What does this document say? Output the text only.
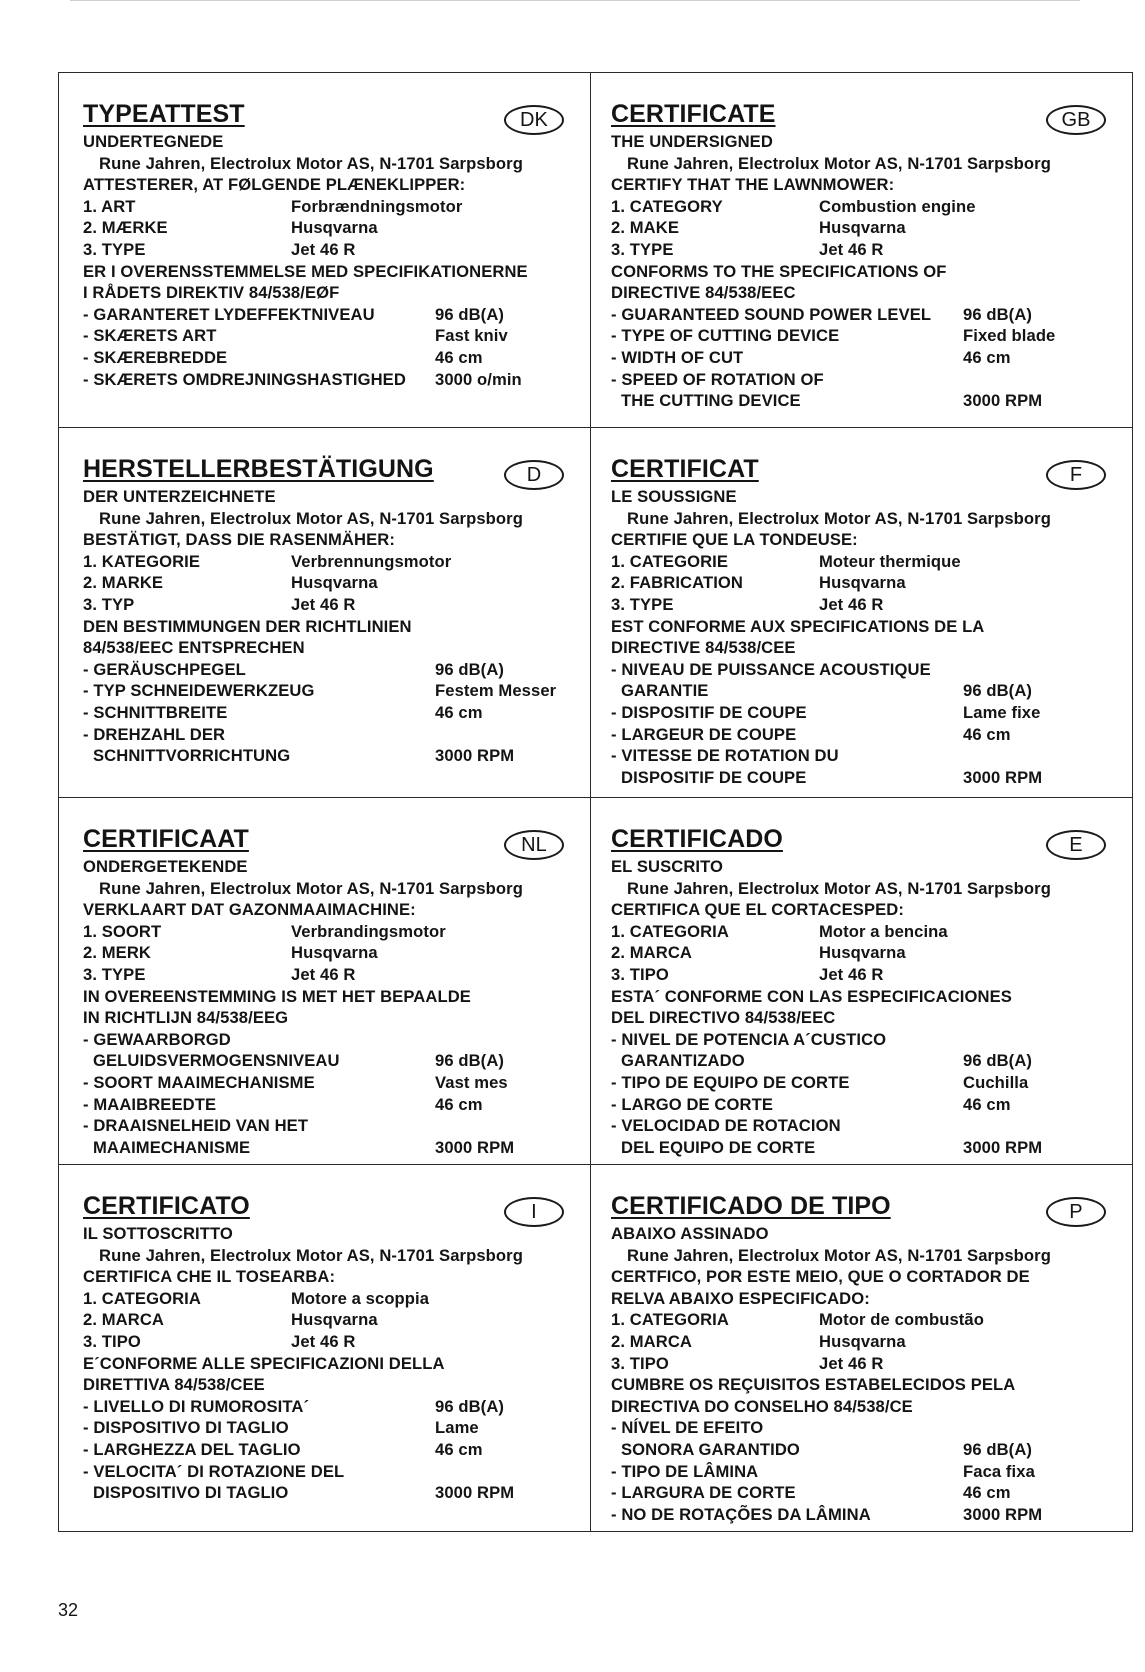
TYPEATTEST	DK
UNDERTEGNEDE
Rune Jahren, Electrolux Motor AS, N-1701 Sarpsborg
ATTESTERER, AT FØLGENDE PLÆNEKLIPPER:
1. ART	Forbrændningsmotor
2. MÆRKE	Husqvarna
3. TYPE	Jet 46 R
ER I OVERENSSTEMMELSE MED SPECIFIKATIONERNE
I RÅDETS DIREKTIV 84/538/EØF
- GARANTERET LYDEFFEKTNIVEAU	96 dB(A)
- SKÆRETS ART	Fast kniv
- SKÆREBREDDE	46 cm
- SKÆRETS OMDREJNINGSHASTIGHED	3000 o/min
CERTIFICATE	GB
THE UNDERSIGNED
Rune Jahren, Electrolux Motor AS, N-1701 Sarpsborg
CERTIFY THAT THE LAWNMOWER:
1. CATEGORY	Combustion engine
2. MAKE	Husqvarna
3. TYPE	Jet 46 R
CONFORMS TO THE SPECIFICATIONS OF
DIRECTIVE 84/538/EEC
- GUARANTEED SOUND POWER LEVEL	96 dB(A)
- TYPE OF CUTTING DEVICE	Fixed blade
- WIDTH OF CUT	46 cm
- SPEED OF ROTATION OF
THE CUTTING DEVICE	3000 RPM
HERSTELLERBESTÄTIGUNG	D
DER UNTERZEICHNETE
Rune Jahren, Electrolux Motor AS, N-1701 Sarpsborg
BESTÄTIGT, DASS DIE RASENMÄHER:
1. KATEGORIE	Verbrennungsmotor
2. MARKE	Husqvarna
3. TYP	Jet 46 R
DEN BESTIMMUNGEN DER RICHTLINIEN
84/538/EEC ENTSPRECHEN
- GERÄUSCHPEGEL	96 dB(A)
- TYP SCHNEIDEWERKZEUG	Festem Messer
- SCHNITTBREITE	46 cm
- DREHZAHL DER
SCHNITTVORRICHTUNG	3000 RPM
CERTIFICAT	F
LE SOUSSIGNE
Rune Jahren, Electrolux Motor AS, N-1701 Sarpsborg
CERTIFIE QUE LA TONDEUSE:
1. CATEGORIE	Moteur thermique
2. FABRICATION	Husqvarna
3. TYPE	Jet 46 R
EST CONFORME AUX SPECIFICATIONS DE LA
DIRECTIVE 84/538/CEE
- NIVEAU DE PUISSANCE ACOUSTIQUE
GARANTIE	96 dB(A)
- DISPOSITIF DE COUPE	Lame fixe
- LARGEUR DE COUPE	46 cm
- VITESSE DE ROTATION DU
DISPOSITIF DE COUPE	3000 RPM
CERTIFICAAT	NL
ONDERGETEKENDE
Rune Jahren, Electrolux Motor AS, N-1701 Sarpsborg
VERKLAART DAT GAZONMAAIMACHINE:
1. SOORT	Verbrandingsmotor
2. MERK	Husqvarna
3. TYPE	Jet 46 R
IN OVEREENSTEMMING IS MET HET BEPAALDE
IN RICHTLIJN 84/538/EEG
- GEWAARBORGD
GELUIDSVERMOGENSNIVEAU	96 dB(A)
- SOORT MAAIMECHANISME	Vast mes
- MAAIBREEDTE	46 cm
- DRAAISNELHEID VAN HET
MAAIMECHANISME	3000 RPM
CERTIFICADO	E
EL SUSCRITO
Rune Jahren, Electrolux Motor AS, N-1701 Sarpsborg
CERTIFICA QUE EL CORTACESPED:
1. CATEGORIA	Motor a bencina
2. MARCA	Husqvarna
3. TIPO	Jet 46 R
ESTA´ CONFORME CON LAS ESPECIFICACIONES
DEL DIRECTIVO 84/538/EEC
- NIVEL DE POTENCIA A´CUSTICO
GARANTIZADO	96 dB(A)
- TIPO DE EQUIPO DE CORTE	Cuchilla
- LARGO DE CORTE	46 cm
- VELOCIDAD DE ROTACION
DEL EQUIPO DE CORTE	3000 RPM
CERTIFICATO	I
IL SOTTOSCRITTO
Rune Jahren, Electrolux Motor AS, N-1701 Sarpsborg
CERTIFICA CHE IL TOSEARBA:
1. CATEGORIA	Motore a scoppia
2. MARCA	Husqvarna
3. TIPO	Jet 46 R
E´CONFORME ALLE SPECIFICAZIONI DELLA
DIRETTIVA 84/538/CEE
- LIVELLO DI RUMOROSITA´	96 dB(A)
- DISPOSITIVO DI TAGLIO	Lame
- LARGHEZZA DEL TAGLIO	46 cm
- VELOCITA´ DI ROTAZIONE DEL
DISPOSITIVO DI TAGLIO	3000 RPM
CERTIFICADO DE TIPO	P
ABAIXO ASSINADO
Rune Jahren, Electrolux Motor AS, N-1701 Sarpsborg
CERTFICO, POR ESTE MEIO, QUE O CORTADOR DE
RELVA ABAIXO ESPECIFICADO:
1. CATEGORIA	Motor de combustão
2. MARCA	Husqvarna
3. TIPO	Jet 46 R
CUMBRE OS REÇUISITOS ESTABELECIDOS PELA
DIRECTIVA DO CONSELHO 84/538/CE
- NÍVEL DE EFEITO
SONORA GARANTIDO	96 dB(A)
- TIPO DE LÂMINA	Faca fixa
- LARGURA DE CORTE	46 cm
- NO DE ROTAÇÕES DA LÂMINA	3000 RPM
32
